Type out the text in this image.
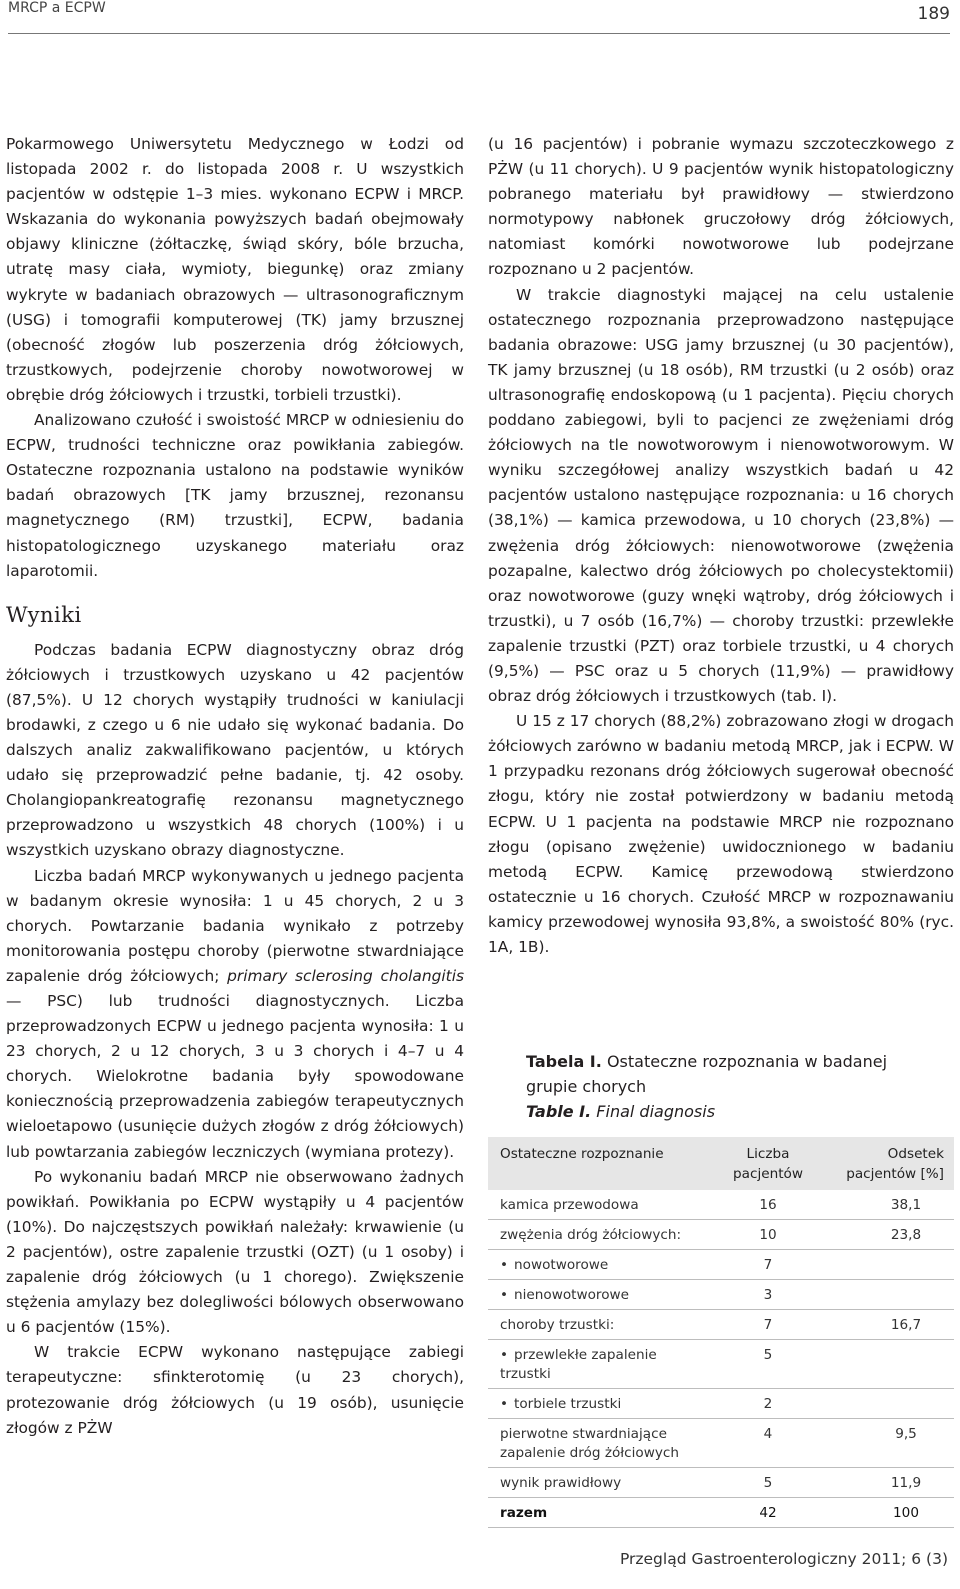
MRCP a ECPW	189

Pokarmowego Uniwersytetu Medycznego w Łodzi od listopada 2002 r. do listopada 2008 r. U wszystkich pacjentów w odstępie 1–3 mies. wykonano ECPW i MRCP. Wskazania do wykonania powyższych badań obejmowały objawy kliniczne (żółtaczkę, świąd skóry, bóle brzucha, utratę masy ciała, wymioty, biegunkę) oraz zmiany wykryte w badaniach obrazowych — ultrasonograficznym (USG) i tomografii komputerowej (TK) jamy brzusznej (obecność złogów lub poszerzenia dróg żółciowych, trzustkowych, podejrzenie choroby nowotworowej w obrębie dróg żółciowych i trzustki, torbieli trzustki).

Analizowano czułość i swoistość MRCP w odniesieniu do ECPW, trudności techniczne oraz powikłania zabiegów. Ostateczne rozpoznania ustalono na podstawie wyników badań obrazowych [TK jamy brzusznej, rezonansu magnetycznego (RM) trzustki], ECPW, badania histopatologicznego uzyskanego materiału oraz laparotomii.

Wyniki

Podczas badania ECPW diagnostyczny obraz dróg żółciowych i trzustkowych uzyskano u 42 pacjentów (87,5%). U 12 chorych wystąpiły trudności w kaniulacji brodawki, z czego u 6 nie udało się wykonać badania. Do dalszych analiz zakwalifikowano pacjentów, u których udało się przeprowadzić pełne badanie, tj. 42 osoby. Cholangiopankreatografię rezonansu magnetycznego przeprowadzono u wszystkich 48 chorych (100%) i u wszystkich uzyskano obrazy diagnostyczne.

Liczba badań MRCP wykonywanych u jednego pacjenta w badanym okresie wynosiła: 1 u 45 chorych, 2 u 3 chorych. Powtarzanie badania wynikało z potrzeby monitorowania postępu choroby (pierwotne stwardniające zapalenie dróg żółciowych; primary sclerosing cholangitis — PSC) lub trudności diagnostycznych. Liczba przeprowadzonych ECPW u jednego pacjenta wynosiła: 1 u 23 chorych, 2 u 12 chorych, 3 u 3 chorych i 4–7 u 4 chorych. Wielokrotne badania były spowodowane koniecznością przeprowadzenia zabiegów terapeutycznych wieloetapowo (usunięcie dużych złogów z dróg żółciowych) lub powtarzania zabiegów leczniczych (wymiana protezy).

Po wykonaniu badań MRCP nie obserwowano żadnych powikłań. Powikłania po ECPW wystąpiły u 4 pacjentów (10%). Do najczęstszych powikłań należały: krwawienie (u 2 pacjentów), ostre zapalenie trzustki (OZT) (u 1 osoby) i zapalenie dróg żółciowych (u 1 chorego). Zwiększenie stężenia amylazy bez dolegliwości bólowych obserwowano u 6 pacjentów (15%).

W trakcie ECPW wykonano następujące zabiegi terapeutyczne: sfinkterotomię (u 23 chorych), protezowanie dróg żółciowych (u 19 osób), usunięcie złogów z PŻW

(u 16 pacjentów) i pobranie wymazu szczoteczkowego z PŻW (u 11 chorych). U 9 pacjentów wynik histopatologiczny pobranego materiału był prawidłowy — stwierdzono normotypowy nabłonek gruczołowy dróg żółciowych, natomiast komórki nowotworowe lub podejrzane rozpoznano u 2 pacjentów.

W trakcie diagnostyki mającej na celu ustalenie ostatecznego rozpoznania przeprowadzono następujące badania obrazowe: USG jamy brzusznej (u 30 pacjentów), TK jamy brzusznej (u 18 osób), RM trzustki (u 2 osób) oraz ultrasonografię endoskopową (u 1 pacjenta). Pięciu chorych poddano zabiegowi, byli to pacjenci ze zwężeniami dróg żółciowych na tle nowotworowym i nienowotworowym. W wyniku szczegółowej analizy wszystkich badań u 42 pacjentów ustalono następujące rozpoznania: u 16 chorych (38,1%) — kamica przewodowa, u 10 chorych (23,8%) — zwężenia dróg żółciowych: nienowotworowe (zwężenia pozapalne, kalectwo dróg żółciowych po cholecystektomii) oraz nowotworowe (guzy wnęki wątroby, dróg żółciowych i trzustki), u 7 osób (16,7%) — choroby trzustki: przewlekłe zapalenie trzustki (PZT) oraz torbiele trzustki, u 4 chorych (9,5%) — PSC oraz u 5 chorych (11,9%) — prawidłowy obraz dróg żółciowych i trzustkowych (tab. I).

U 15 z 17 chorych (88,2%) zobrazowano złogi w drogach żółciowych zarówno w badaniu metodą MRCP, jak i ECPW. W 1 przypadku rezonans dróg żółciowych sugerował obecność złogu, który nie został potwierdzony w badaniu metodą ECPW. U 1 pacjenta na podstawie MRCP nie rozpoznano złogu (opisano zwężenie) uwidocznionego w badaniu metodą ECPW. Kamicę przewodową stwierdzono ostatecznie u 16 chorych. Czułość MRCP w rozpoznawaniu kamicy przewodowej wynosiła 93,8%, a swoistość 80% (ryc. 1A, 1B).

Tabela I. Ostateczne rozpoznania w badanej grupie chorych
Table I. Final diagnosis
Ostateczne rozpoznanie	Liczba pacjentów	Odsetek pacjentów [%]
kamica przewodowa	16	38,1
zwężenia dróg żółciowych:	10	23,8
• nowotworowe	7	
• nienowotworowe	3	
choroby trzustki:	7	16,7
• przewlekłe zapalenie trzustki	5	
• torbiele trzustki	2	
pierwotne stwardniające zapalenie dróg żółciowych	4	9,5
wynik prawidłowy	5	11,9
razem	42	100
Przegląd Gastroenterologiczny 2011; 6 (3)
